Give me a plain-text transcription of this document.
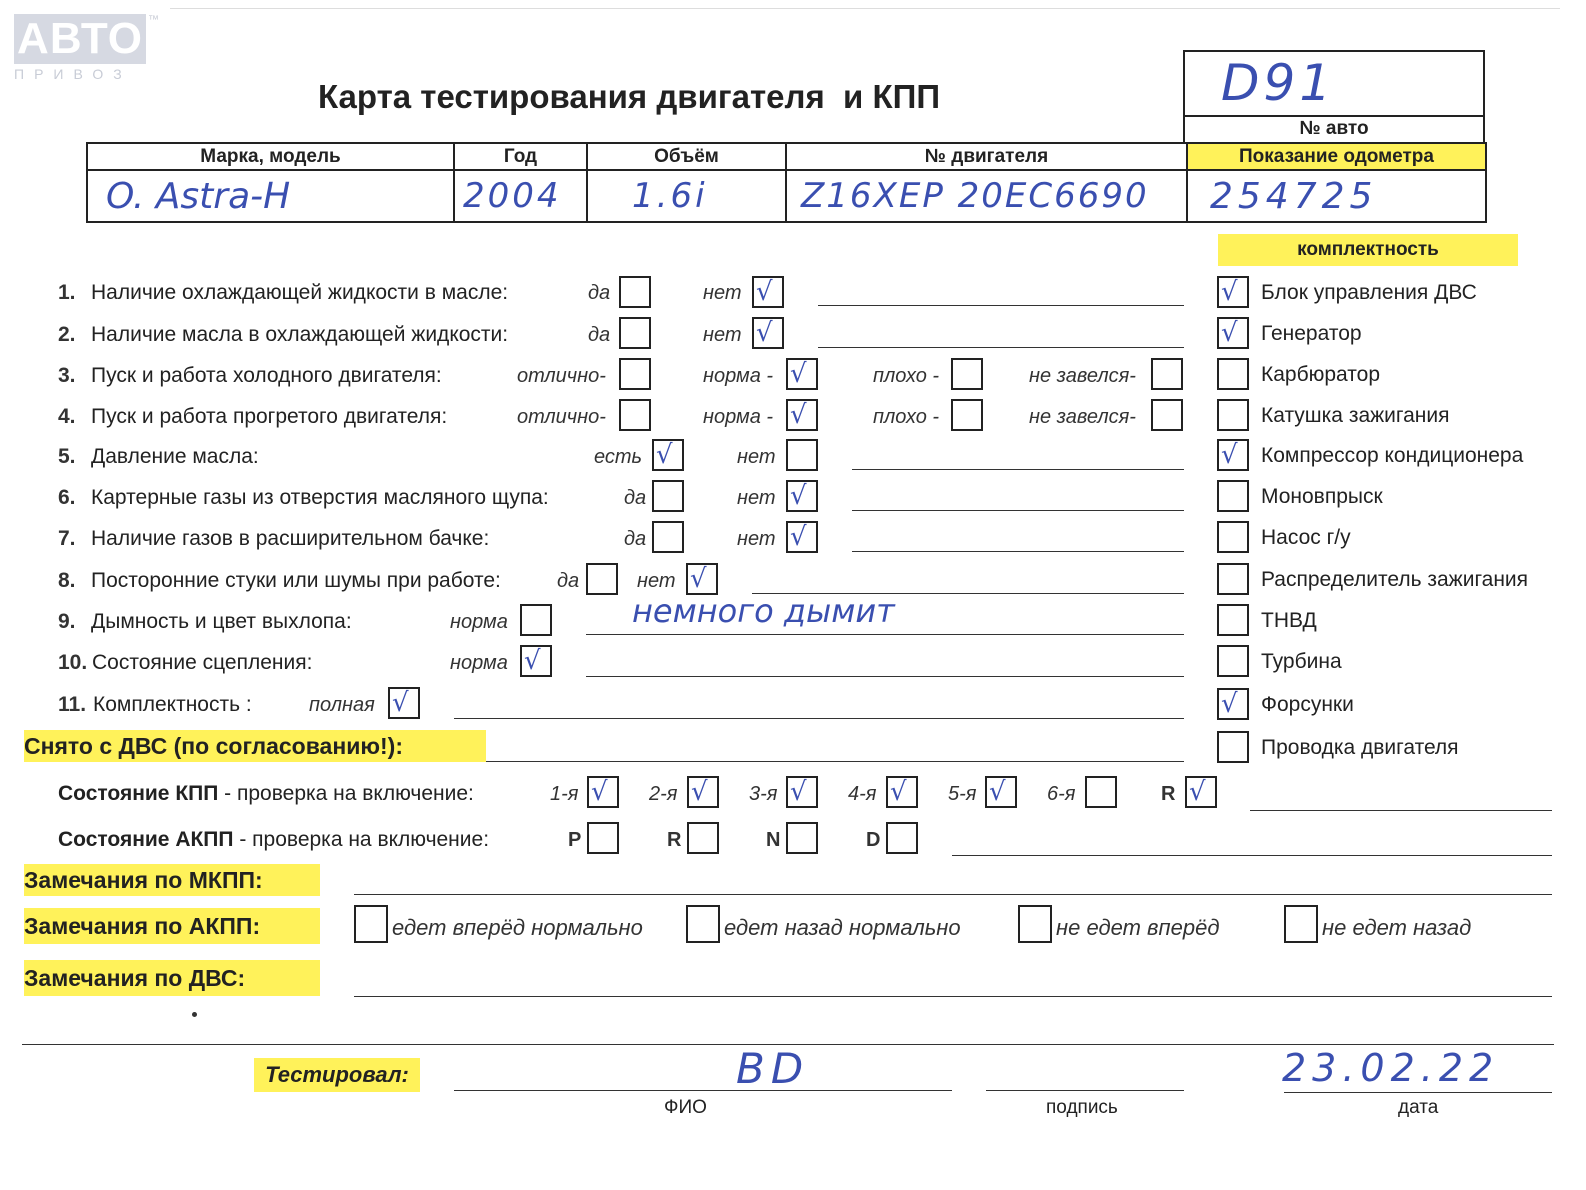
АВТО ™
ПРИВОЗ
Карта тестирования двигателя  и КПП	D91
№ авто
Марка, модель	Год	Объём	№ двигателя	Показание одометра
O. Astra-H	2004	1.6i	Z16XEP 20EC6690	254725
комплектность
√ Блок управления ДВС
√ Генератор
Карбюратор
Катушка зажигания
√ Компрессор кондиционера
Моновпрыск
Насос г/у
Распределитель зажигания
ТНВД
Турбина
√ Форсунки
Проводка двигателя
1. Наличие охлаждающей жидкости в масле:	да	нет √
2. Наличие масла в охлаждающей жидкости:	да	нет √
3. Пуск и работа холодного двигателя:	отлично-	норма - √	плохо -	не завелся-
4. Пуск и работа прогретого двигателя:	отлично-	норма - √	плохо -	не завелся-
5. Давление масла:	есть √	нет
6. Картерные газы из отверстия масляного щупа:	да	нет √
7. Наличие газов в расширительном бачке:	да	нет √
8. Посторонние стуки или шумы при работе:	да	нет √
9. Дымность и цвет выхлопа:	норма	немного дымит
10. Состояние сцепления:	норма √
11. Комплектность :	полная √
Снято с ДВС (по согласованию!):
Состояние КПП - проверка на включение:	1-я √ 2-я √ 3-я √ 4-я √ 5-я √ 6-я	R √
Состояние АКПП - проверка на включение:	P	R	N	D
Замечания по МКПП:
Замечания по АКПП:	едет вперёд нормально	едет назад нормально	не едет вперёд	не едет назад
Замечания по ДВС:
Тестировал:	BD
ФИО	подпись
23.02.22
дата
